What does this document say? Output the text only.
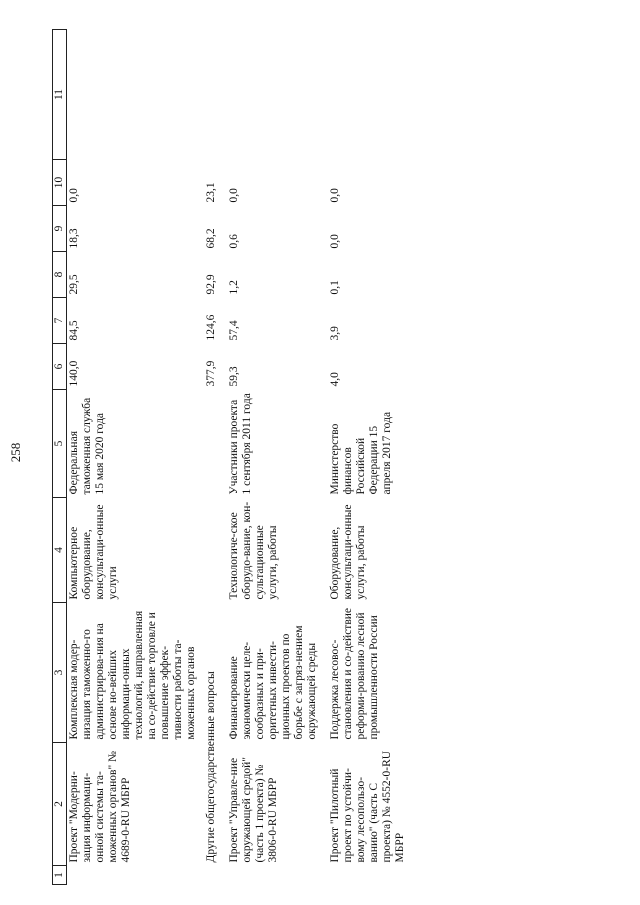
258
1	2	3	4	5	6	7	8	9	10	11
	Проект "Модерни-зация информаци-онной системы та-моженных органов" № 4689-0-RU МБРР	Комплексная модер-низация таможенно-го администрирова-ния на основе но-вейших информаци-онных технологий, направленная на со-действие торговле и повышение эффек-тивности работы та-моженных органов	Компьютерное оборудование, консультаци-онные услуги	Федеральная таможенная служба 15 мая 2020 года	140,0	84,5	29,5	18,3	0,0	
	Другие общегосударственные вопросы				377,9	124,6	92,9	68,2	23,1	

	Проект "Управле-ние окружающей средой" (часть 1 проекта) № 3806-0-RU МБРР	Финансирование экономически целе-сообразных и при-оритетных инвести-ционных проектов по борьбе с загряз-нением окружающей среды	Технологиче-ское оборудо-вание, кон-сультационные услуги, работы	Участники проекта 1 сентября 2011 года	59,3	57,4	1,2	0,6	0,0	

	Проект "Пилотный проект по устойчи-вому лесопользо-ванию" (часть С проекта) № 4552-0-RU МБРР	Поддержка лесовос-становления и со-действие реформи-рованию лесной промышленности России	Оборудование, консультаци-онные услуги, работы	Министерство финансов Российской Федерации 15 апреля 2017 года	4,0	3,9	0,1	0,0	0,0	
